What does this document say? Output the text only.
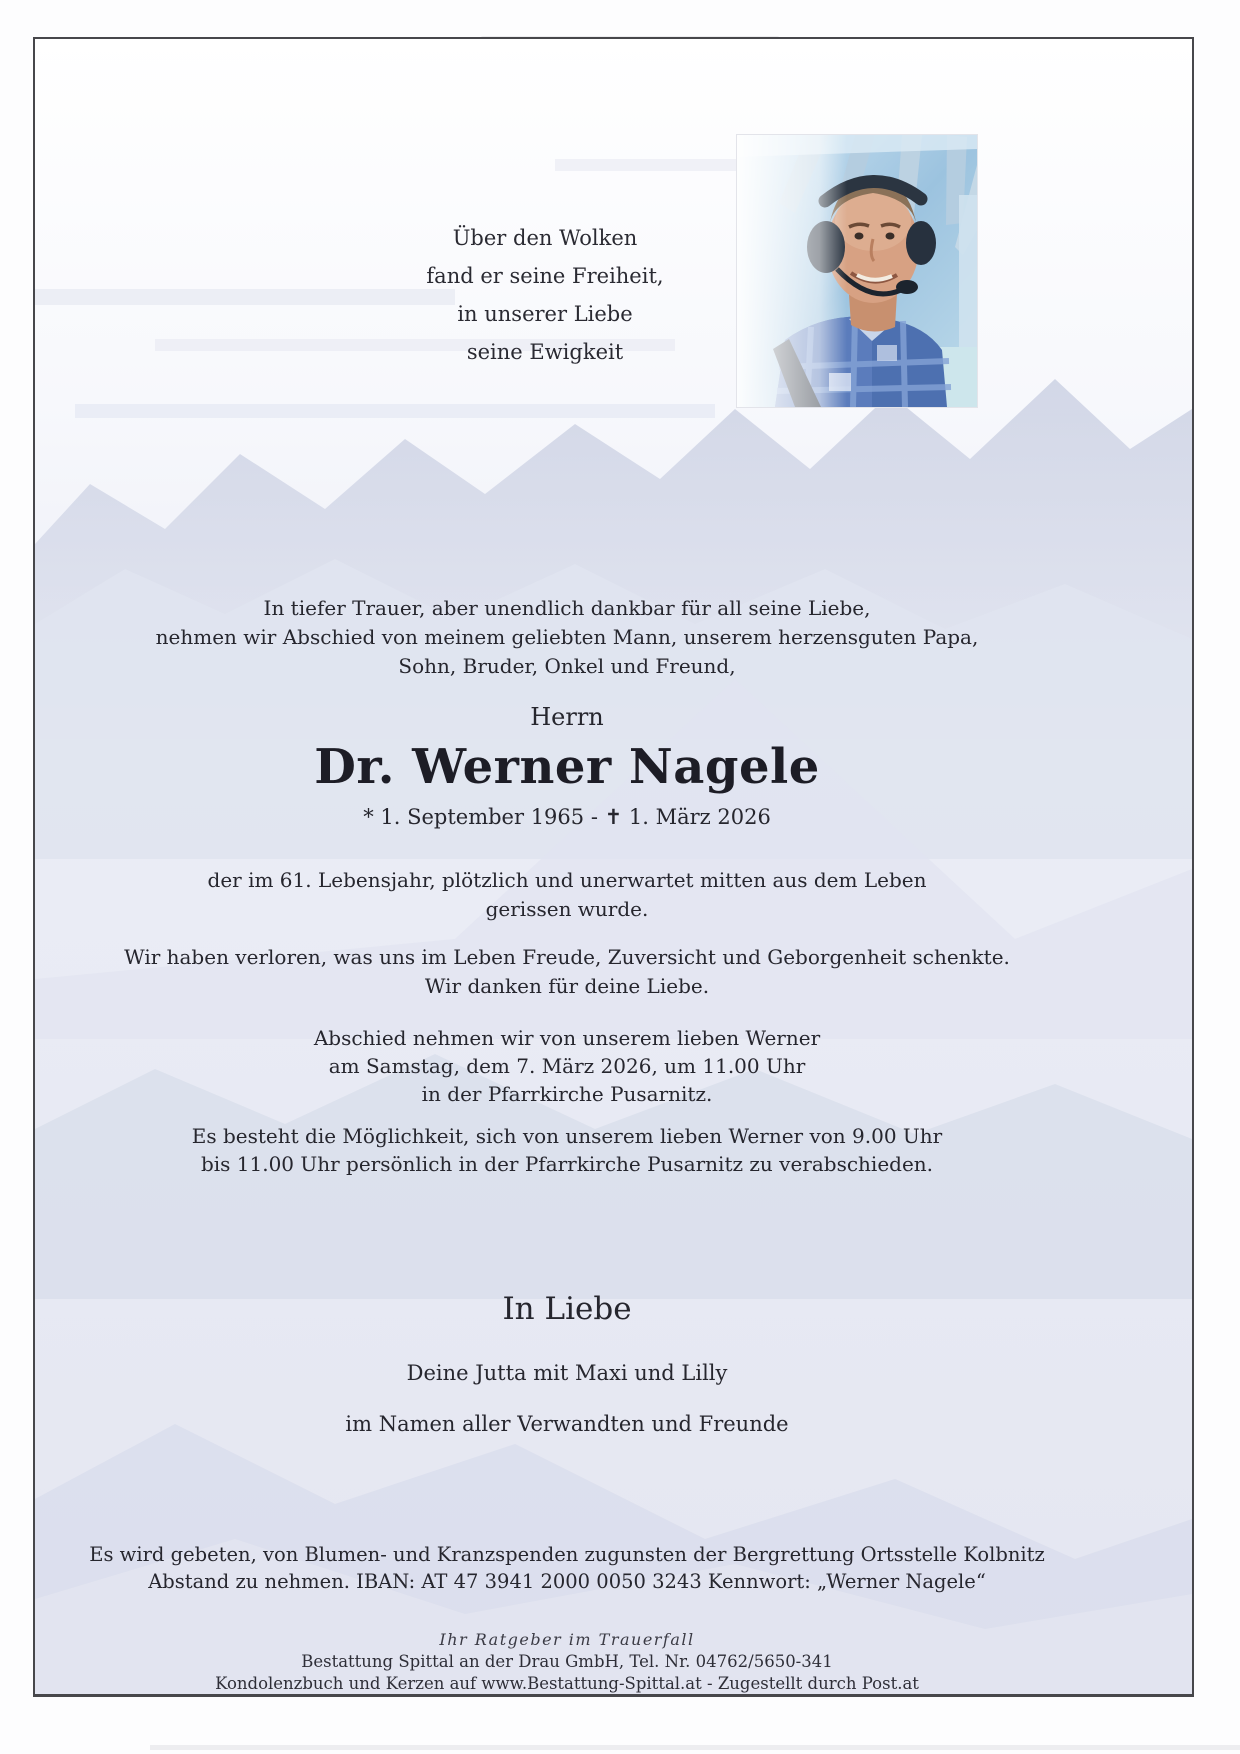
Über den Wolken
fand er seine Freiheit,
in unserer Liebe
seine Ewigkeit
In tiefer Trauer, aber unendlich dankbar für all seine Liebe,
nehmen wir Abschied von meinem geliebten Mann, unserem herzensguten Papa,
Sohn, Bruder, Onkel und Freund,
Herrn
Dr. Werner Nagele
* 1. September 1965 - ✝ 1. März 2026
der im 61. Lebensjahr, plötzlich und unerwartet mitten aus dem Leben
gerissen wurde.
Wir haben verloren, was uns im Leben Freude, Zuversicht und Geborgenheit schenkte.
Wir danken für deine Liebe.
Abschied nehmen wir von unserem lieben Werner
am Samstag, dem 7. März 2026, um 11.00 Uhr
in der Pfarrkirche Pusarnitz.
Es besteht die Möglichkeit, sich von unserem lieben Werner von 9.00 Uhr
bis 11.00 Uhr persönlich in der Pfarrkirche Pusarnitz zu verabschieden.
In Liebe
Deine Jutta mit Maxi und Lilly
im Namen aller Verwandten und Freunde
Es wird gebeten, von Blumen- und Kranzspenden zugunsten der Bergrettung Ortsstelle Kolbnitz
Abstand zu nehmen. IBAN: AT 47 3941 2000 0050 3243 Kennwort: „Werner Nagele“
Ihr Ratgeber im Trauerfall
Bestattung Spittal an der Drau GmbH, Tel. Nr. 04762/5650-341
Kondolenzbuch und Kerzen auf www.Bestattung-Spittal.at - Zugestellt durch Post.at
